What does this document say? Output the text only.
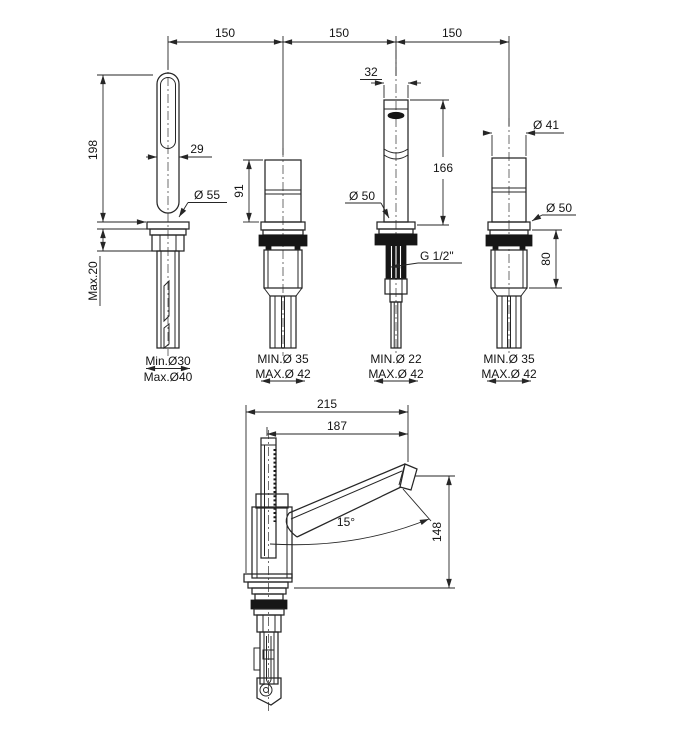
150	150	150
29
Ø 55
198
Max.20
Min.Ø30
Max.Ø40
91
MIN.Ø 35
MAX.Ø 42
32
166
Ø 50
G 1/2"
MIN.Ø 22
MAX.Ø 42
Ø 41
Ø 50
80
MIN.Ø 35
MAX.Ø 42
215
187
148
15°
